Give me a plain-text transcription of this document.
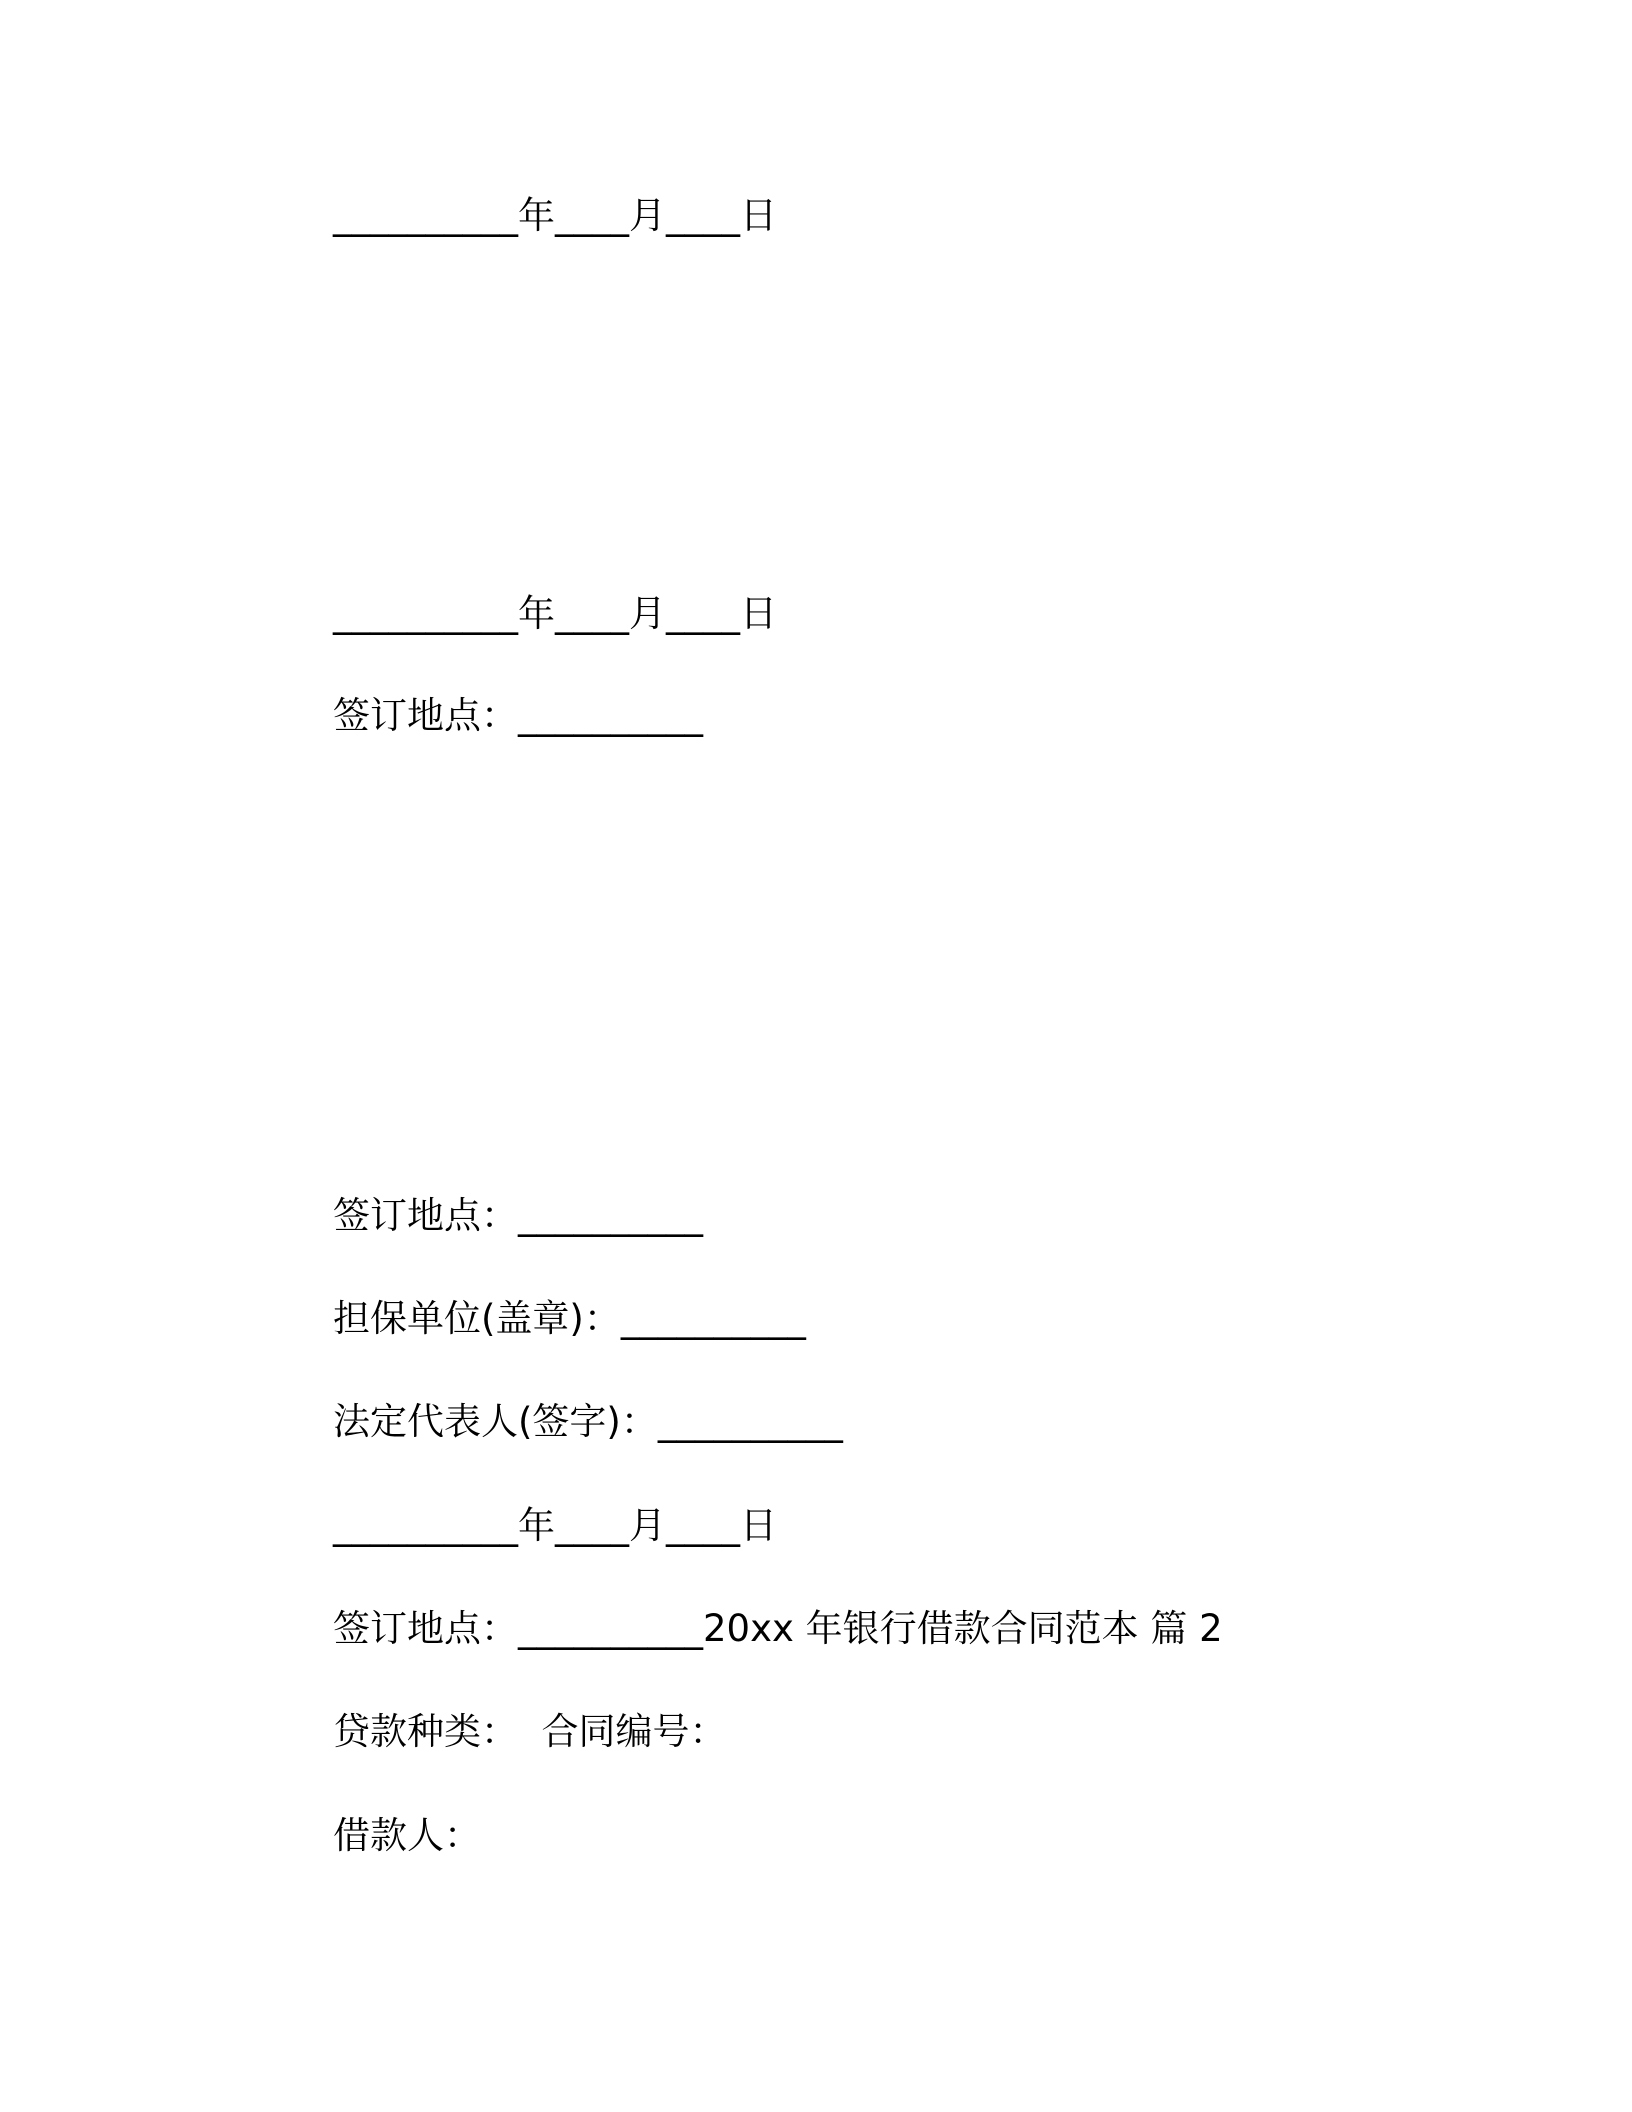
__________年____月____日
__________年____月____日
签订地点：__________
签订地点：__________
担保单位(盖章)：__________
法定代表人(签字)：__________
__________年____月____日
签订地点：__________20xx 年银行借款合同范本 篇 2
贷款种类：  合同编号：
借款人：
